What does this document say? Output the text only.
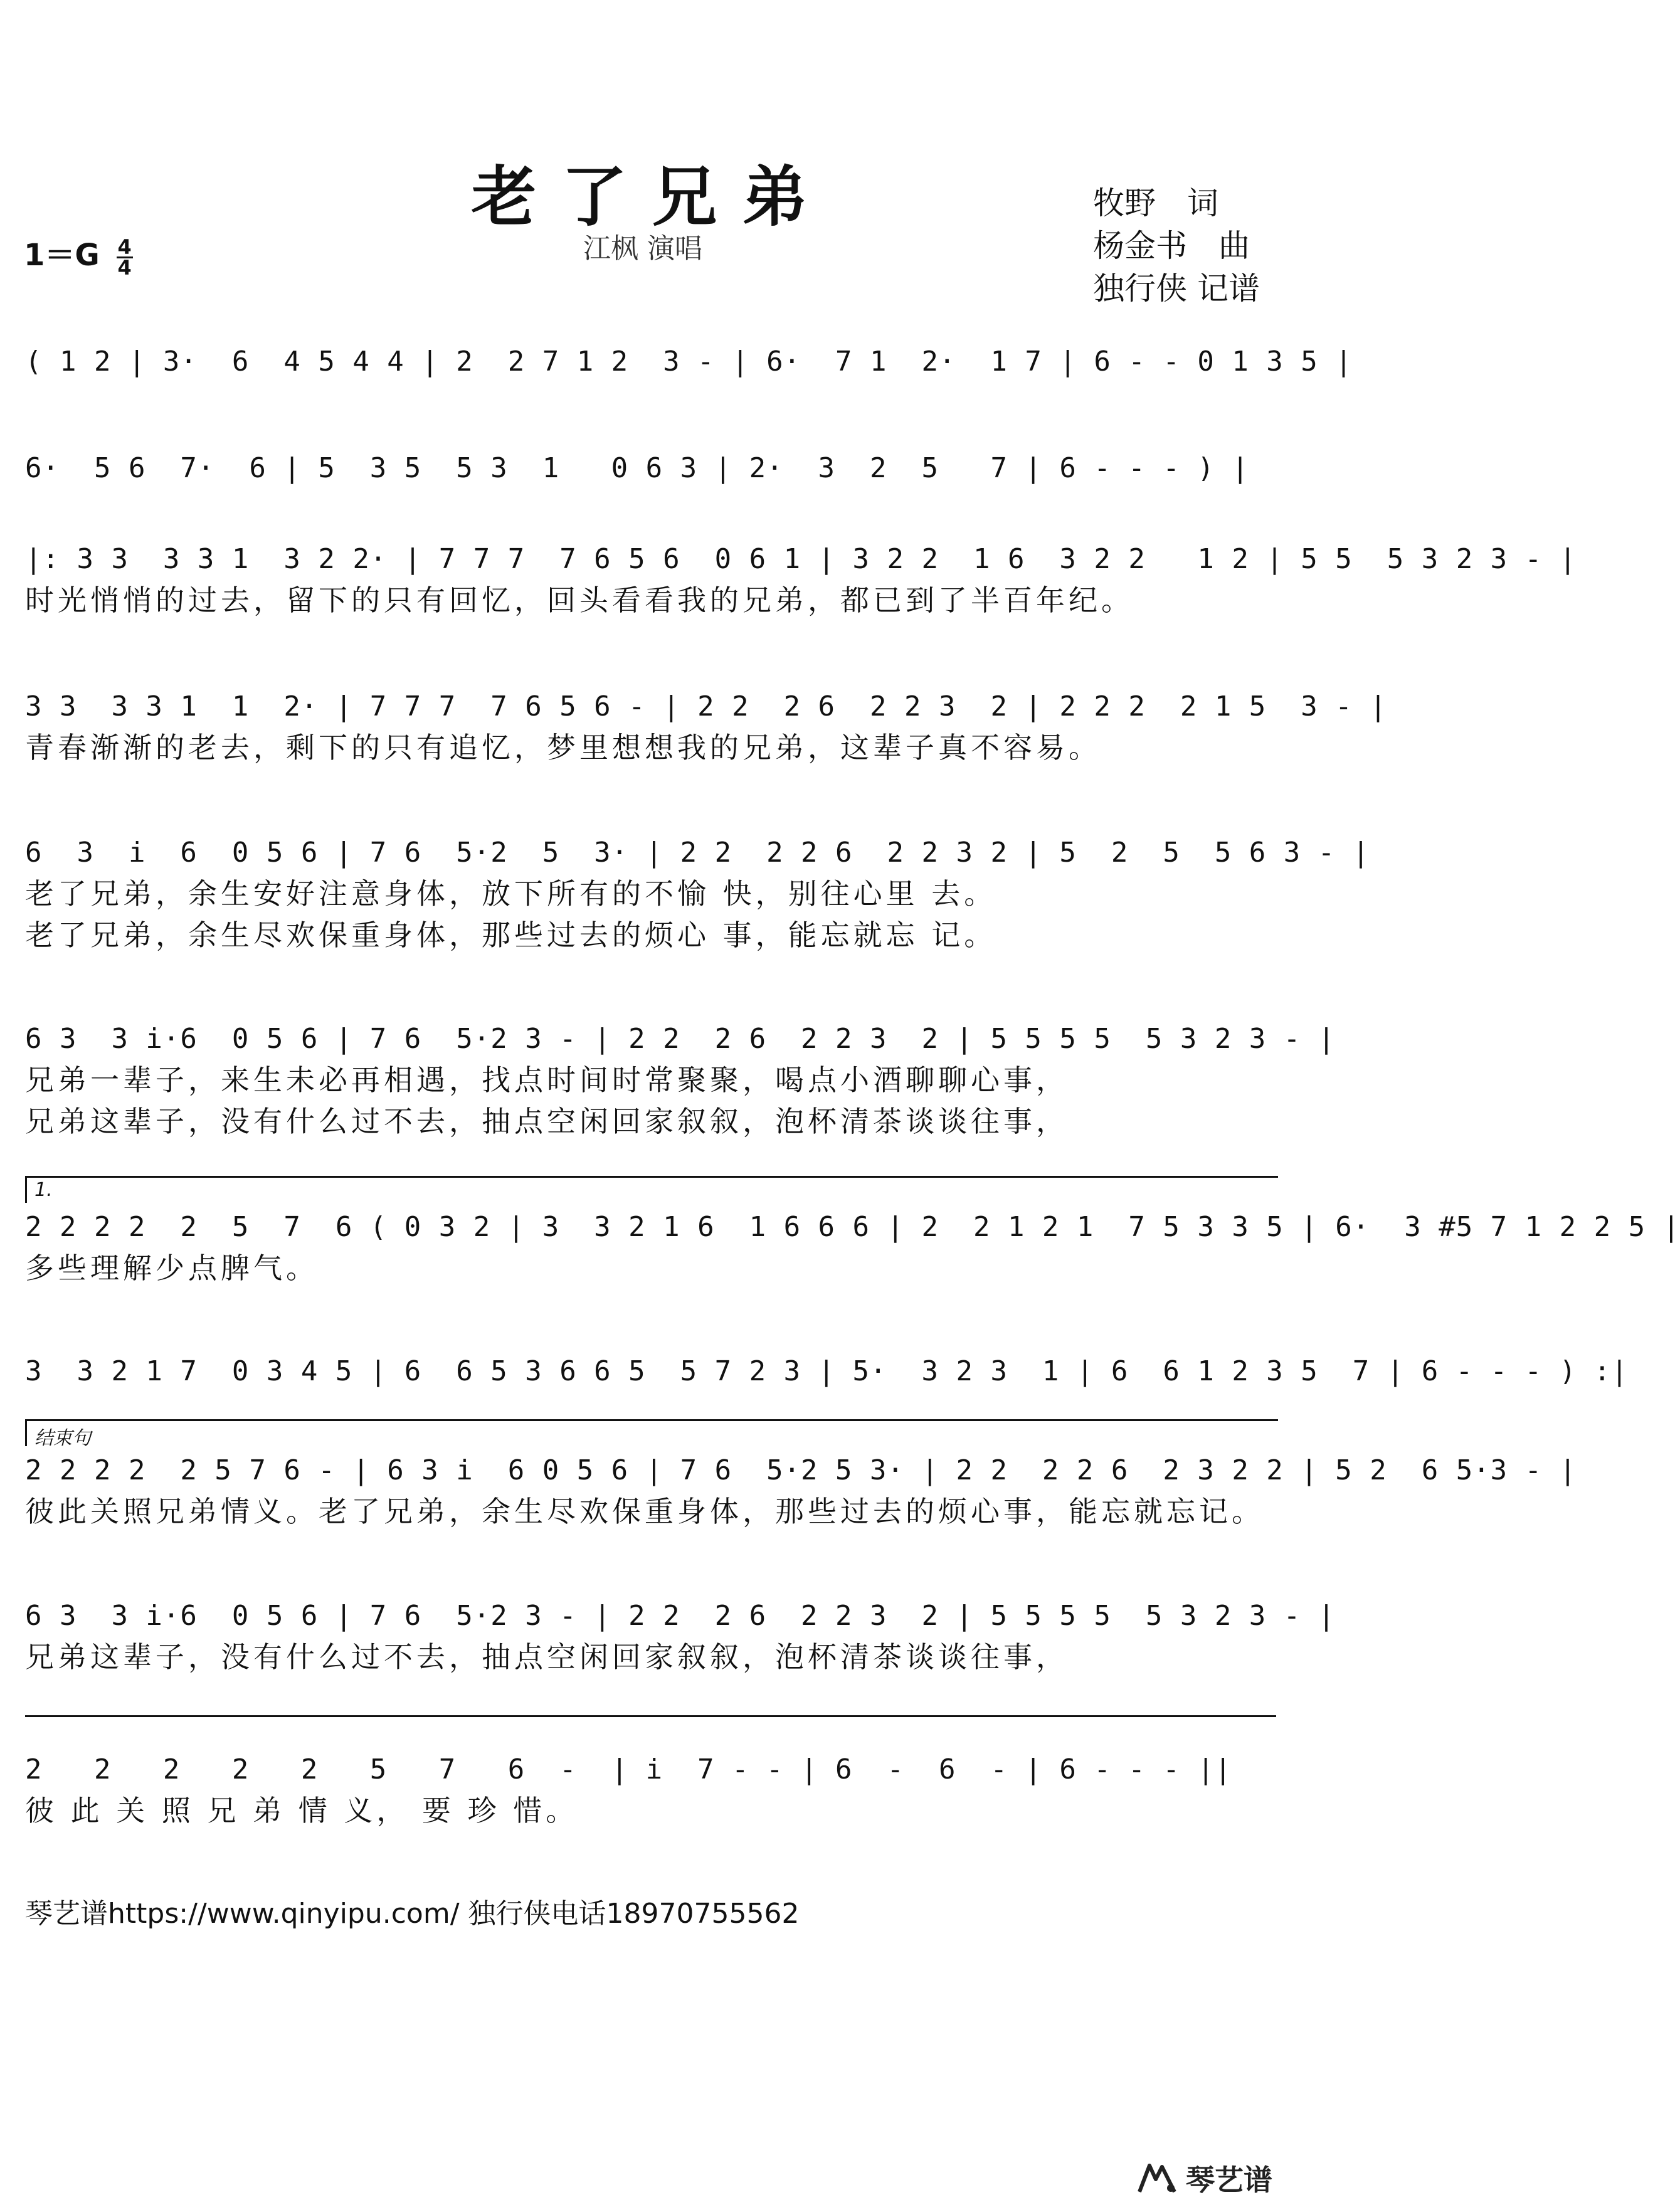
老了兄弟
$1=G \frac{4}{4}$	江枫 演唱
牧野　词
杨金书　曲
独行侠 记谱
( 1 2 | 3·  6  4 5 4 4 | 2  2 7 1 2  3 - | 6·  7 1  2·  1 7 | 6 - - 0 1 3 5 |
6·  5 6  7·  6 | 5  3 5  5 3  1   0 6 3 | 2·  3  2  5   7 | 6 - - - ) |
|: 3 3  3 3 1  3 2 2· | 7 7 7  7 6 5 6  0 6 1 | 3 2 2  1 6  3 2 2   1 2 | 5 5  5 3 2 3 - |
时光悄悄的过去，留下的只有回忆，回头看看我的兄弟，都已到了半百年纪。
3 3  3 3 1  1  2· | 7 7 7  7 6 5 6 - | 2 2  2 6  2 2 3  2 | 2 2 2  2 1 5  3 - |
青春渐渐的老去，剩下的只有追忆，梦里想想我的兄弟，这辈子真不容易。
6  3  i  6  0 5 6 | 7 6  5·2  5  3· | 2 2  2 2 6  2 2 3 2 | 5  2  5  5 6 3 - |
老了兄弟，余生安好注意身体，放下所有的不愉 快，别往心里 去。
老了兄弟，余生尽欢保重身体，那些过去的烦心 事，能忘就忘 记。
6 3  3 i·6  0 5 6 | 7 6  5·2 3 - | 2 2  2 6  2 2 3  2 | 5 5 5 5  5 3 2 3 - |
兄弟一辈子，来生未必再相遇，找点时间时常聚聚，喝点小酒聊聊心事，
兄弟这辈子，没有什么过不去，抽点空闲回家叙叙，泡杯清茶谈谈往事，
1.
2 2 2 2  2  5  7  6 ( 0 3 2 | 3  3 2 1 6  1 6 6 6 | 2  2 1 2 1  7 5 3 3 5 | 6·  3 #5 7 1 2 2 5 |
多些理解少点脾气。
3  3 2 1 7  0 3 4 5 | 6  6 5 3 6 6 5  5 7 2 3 | 5·  3 2 3  1 | 6  6 1 2 3 5  7 | 6 - - - ) :|
结束句
2 2 2 2  2 5 7 6 - | 6 3 i  6 0 5 6 | 7 6  5·2 5 3· | 2 2  2 2 6  2 3 2 2 | 5 2  6 5·3 - |
彼此关照兄弟情义。老了兄弟，余生尽欢保重身体，那些过去的烦心事，能忘就忘记。
6 3  3 i·6  0 5 6 | 7 6  5·2 3 - | 2 2  2 6  2 2 3  2 | 5 5 5 5  5 3 2 3 - |
兄弟这辈子，没有什么过不去，抽点空闲回家叙叙，泡杯清茶谈谈往事，
2   2   2   2   2   5   7   6  -  | i  7 - - | 6  -  6  - | 6 - - - ||
彼 此 关 照 兄 弟 情 义， 要 珍 惜。
琴艺谱https://www.qinyipu.com/ 独行侠电话18970755562
琴艺谱
